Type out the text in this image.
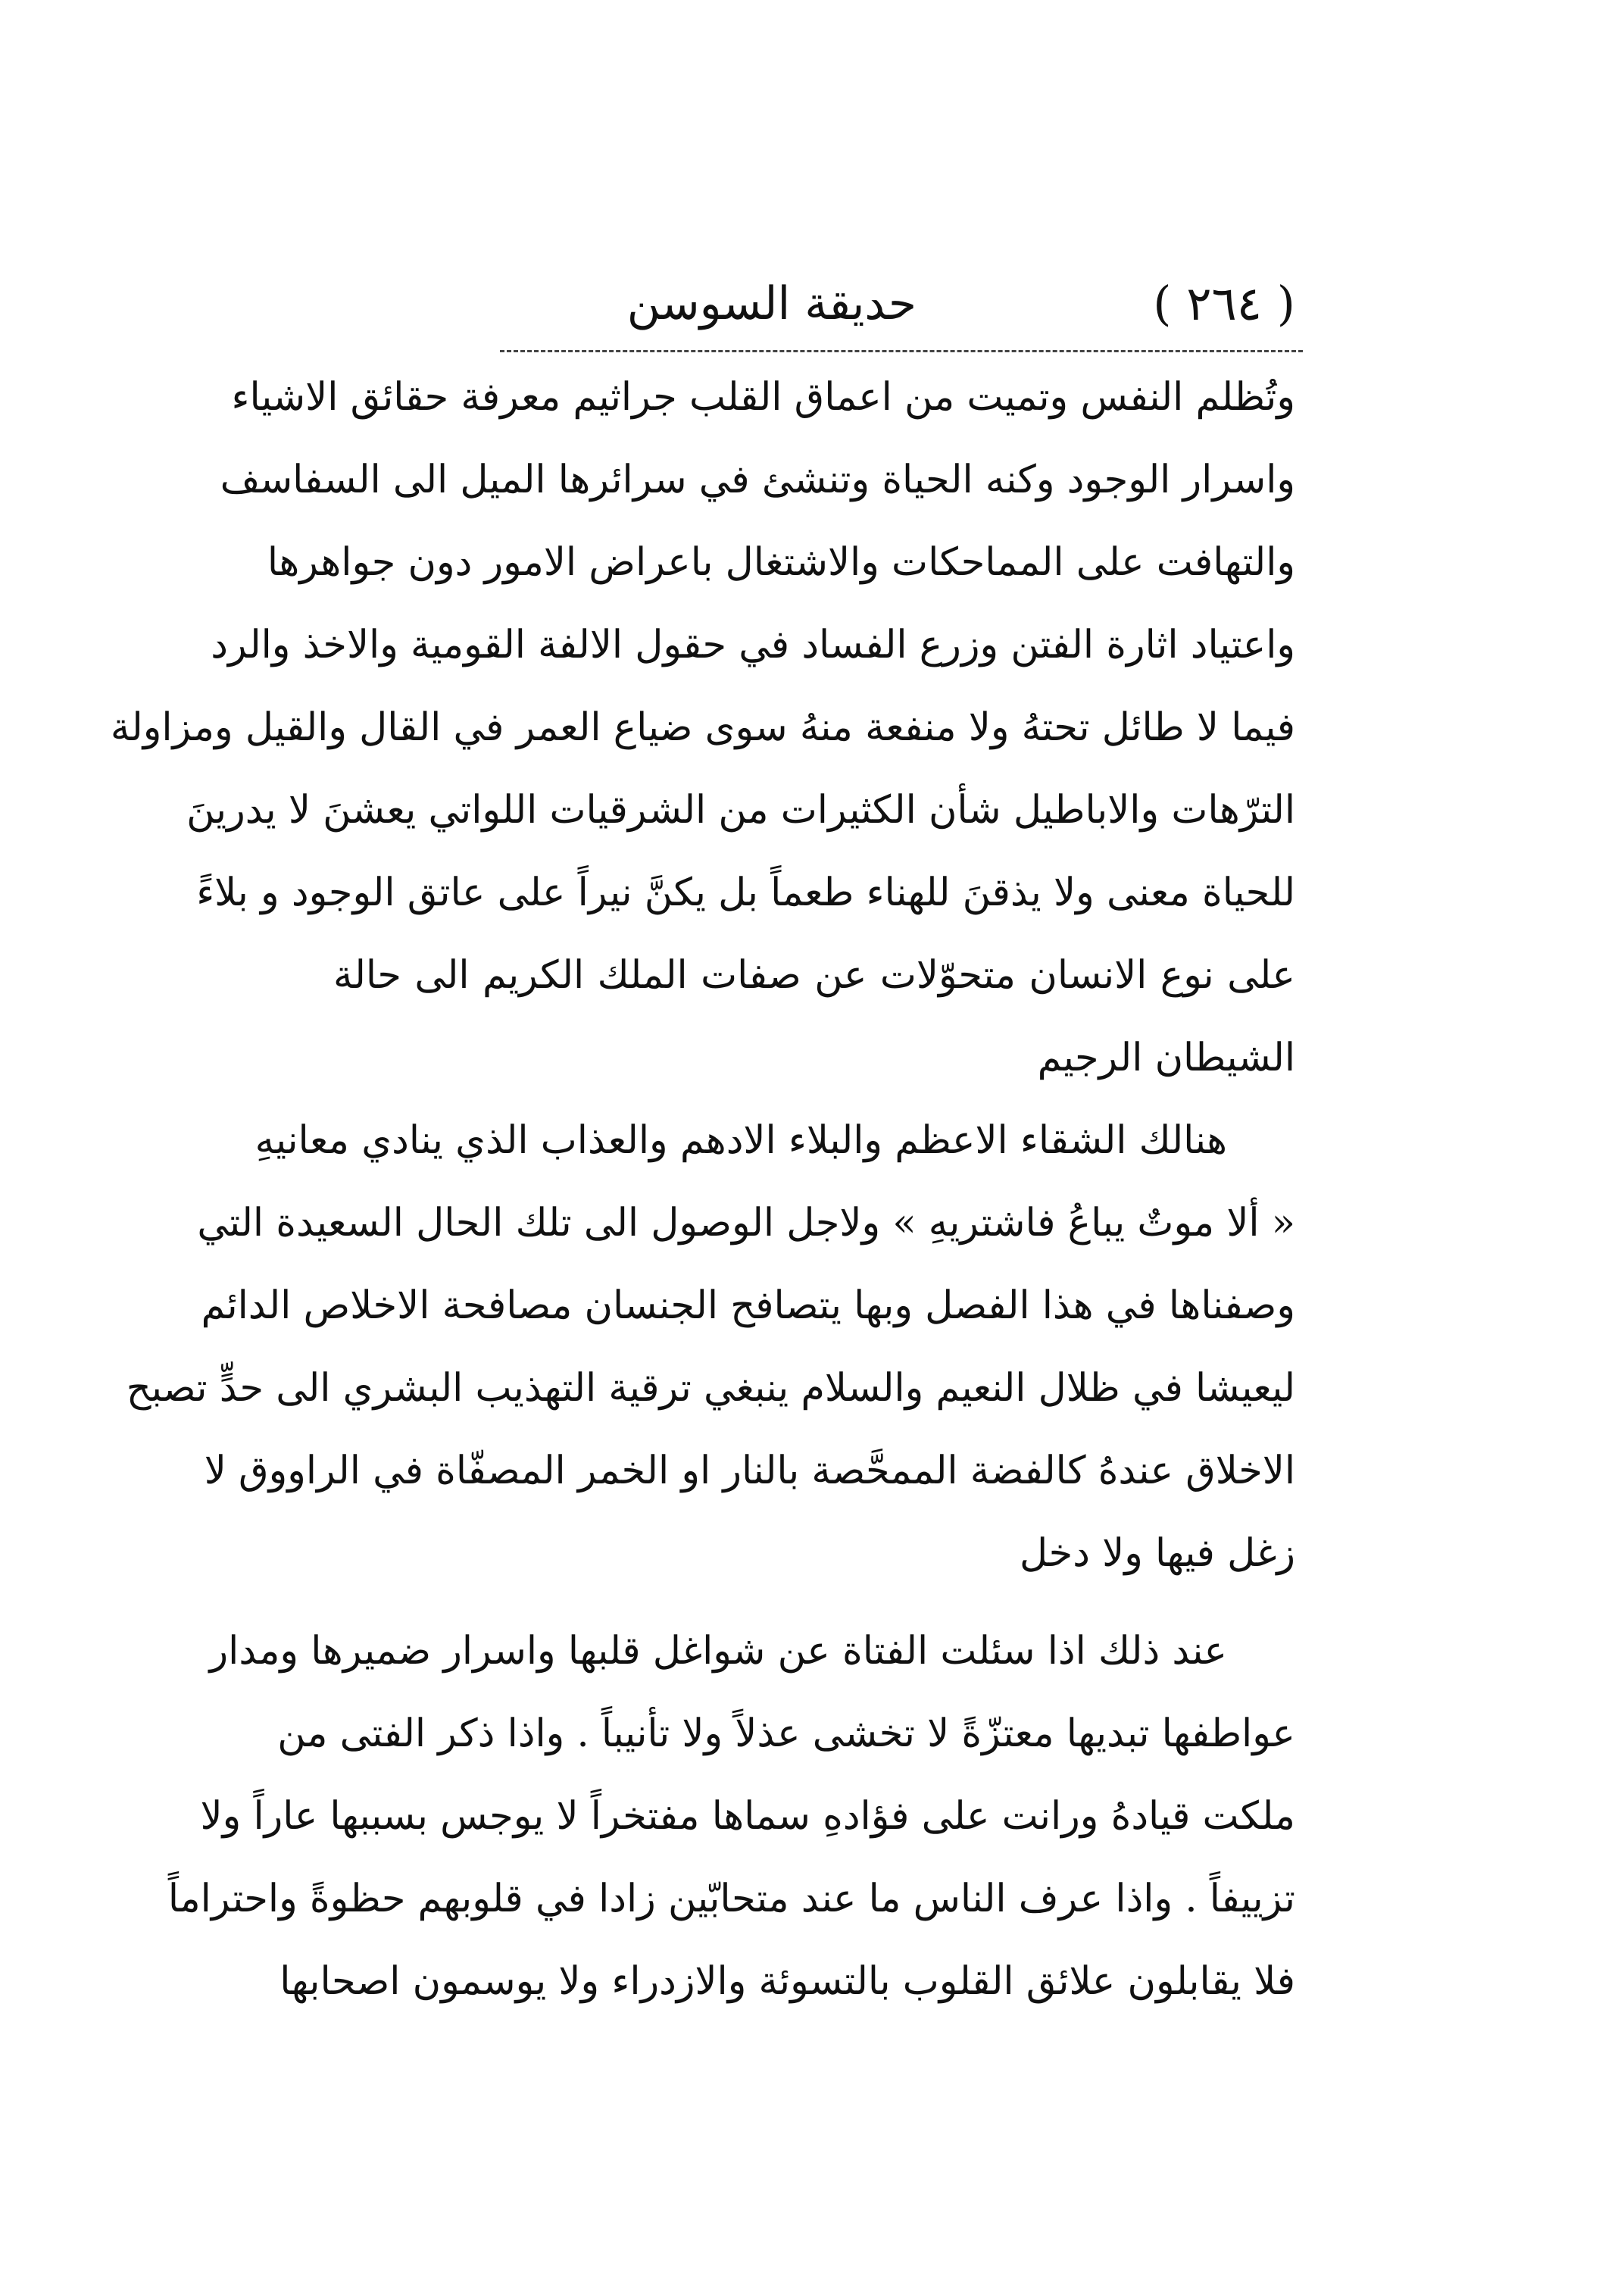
( ٢٦٤ )
حديقة السوسن
وتُظلم النفس وتميت من اعماق القلب جراثيم معرفة حقائق الاشياء
واسرار الوجود وكنه الحياة وتنشئ في سرائرها الميل الى السفاسف
والتهافت على المماحكات والاشتغال باعراض الامور دون جواهرها
واعتياد اثارة الفتن وزرع الفساد في حقول الالفة القومية والاخذ والرد
فيما لا طائل تحتهُ ولا منفعة منهُ سوى ضياع العمر في القال والقيل ومزاولة
الترّهات والاباطيل شأن الكثيرات من الشرقيات اللواتي يعشنَ لا يدرينَ
للحياة معنى ولا يذقنَ للهناء طعماً بل يكنَّ نيراً على عاتق الوجود و بلاءً
على نوع الانسان متحوّلات عن صفات الملك الكريم الى حالة
الشيطان الرجيم
هنالك الشقاء الاعظم والبلاء الادهم والعذاب الذي ينادي معانيهِ
« ألا موتٌ يباعُ فاشتريهِ » ولاجل الوصول الى تلك الحال السعيدة التي
وصفناها في هذا الفصل وبها يتصافح الجنسان مصافحة الاخلاص الدائم
ليعيشا في ظلال النعيم والسلام ينبغي ترقية التهذيب البشري الى حدٍّ تصبح
الاخلاق عندهُ كالفضة الممحَّصة بالنار او الخمر المصفّاة في الراووق لا
زغل فيها ولا دخل
عند ذلك اذا سئلت الفتاة عن شواغل قلبها واسرار ضميرها ومدار
عواطفها تبديها معتزّةً لا تخشى عذلاً ولا تأنيباً . واذا ذكر الفتى من
ملكت قيادهُ ورانت على فؤادهِ سماها مفتخراً لا يوجس بسببها عاراً ولا
تزييفاً . واذا عرف الناس ما عند متحابّين زادا في قلوبهم حظوةً واحتراماً
فلا يقابلون علائق القلوب بالتسوئة والازدراء ولا يوسمون اصحابها
